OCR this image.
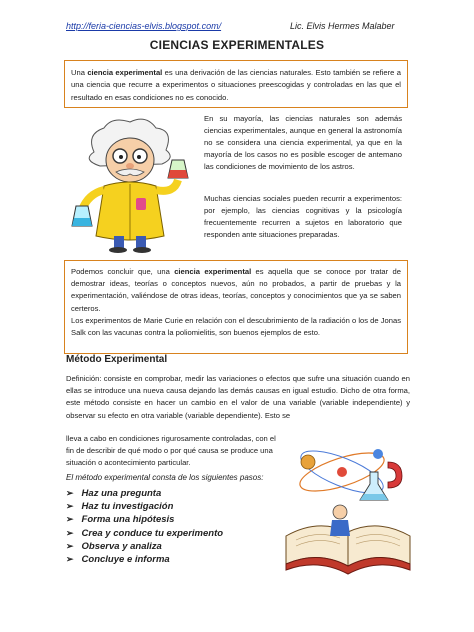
http://feria-ciencias-elvis.blogspot.com/	Lic. Elvis Hermes Malaber
CIENCIAS EXPERIMENTALES
Una ciencia experimental es una derivación de las ciencias naturales. Esto también se refiere a una ciencia que recurre a experimentos o situaciones preescogidas y controladas en las que el resultado en esas condiciones no es conocido.
En su mayoría, las ciencias naturales son además ciencias experimentales, aunque en general la astronomía no se considera una ciencia experimental, ya que en la mayoría de los casos no es posible escoger de antemano las condiciones de movimiento de los astros.
Muchas ciencias sociales pueden recurrir a experimentos: por ejemplo, las ciencias cognitivas y la psicología frecuentemente recurren a sujetos en laboratorio que responden ante situaciones preparadas.

Podemos concluir que, una ciencia experimental es aquella que se conoce por tratar de demostrar ideas, teorías o conceptos nuevos, aún no probados, a partir de pruebas y la experimentación, valiéndose de otras ideas, teorías, conceptos y conocimientos que ya se saben certeros.

Los experimentos de Marie Curie en relación con el descubrimiento de la radiación o los de Jonas Salk con las vacunas contra la poliomielitis, son buenos ejemplos de esto.

Método Experimental
Definición: consiste en comprobar, medir las variaciones o efectos que sufre una situación cuando en ellas se introduce una nueva causa dejando las demás causas en igual estudio. Dicho de otra forma, este método consiste en hacer un cambio en el valor de una variable (variable independiente) y observar su efecto en otra variable (variable dependiente). Esto se
lleva a cabo en condiciones rigurosamente controladas, con el fin de describir de qué modo o por qué causa se produce una situación o acontecimiento particular.
El método experimental consta de los siguientes pasos:
➢ Haz una pregunta
➢ Haz tu investigación
➢ Forma una hipótesis
➢ Crea y conduce tu experimento
➢ Observa y analiza
➢ Concluye e informa
